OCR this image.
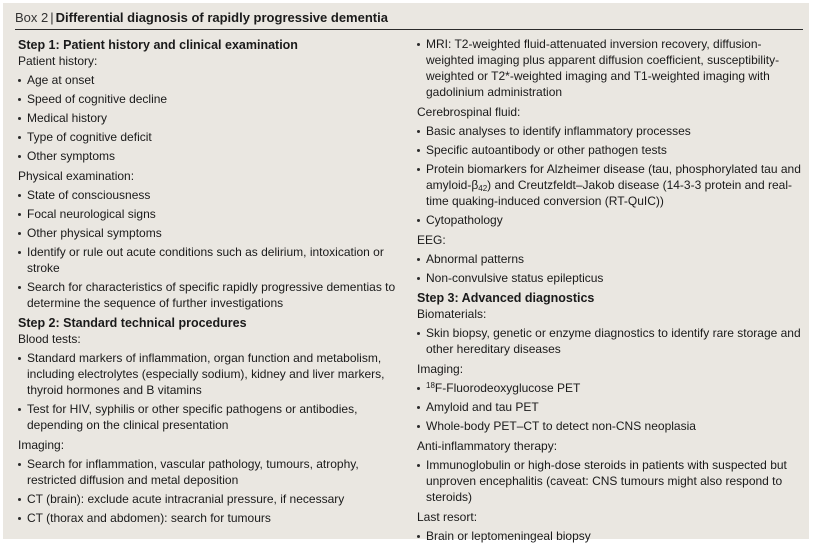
Box 2 | Differential diagnosis of rapidly progressive dementia
Step 1: Patient history and clinical examination
Patient history:
Age at onset
Speed of cognitive decline
Medical history
Type of cognitive deficit
Other symptoms
Physical examination:
State of consciousness
Focal neurological signs
Other physical symptoms
Identify or rule out acute conditions such as delirium, intoxication or stroke
Search for characteristics of specific rapidly progressive dementias to determine the sequence of further investigations
Step 2: Standard technical procedures
Blood tests:
Standard markers of inflammation, organ function and metabolism, including electrolytes (especially sodium), kidney and liver markers, thyroid hormones and B vitamins
Test for HIV, syphilis or other specific pathogens or antibodies, depending on the clinical presentation
Imaging:
Search for inflammation, vascular pathology, tumours, atrophy, restricted diffusion and metal deposition
CT (brain): exclude acute intracranial pressure, if necessary
CT (thorax and abdomen): search for tumours
MRI: T2-weighted fluid-attenuated inversion recovery, diffusion-weighted imaging plus apparent diffusion coefficient, susceptibility-weighted or T2*-weighted imaging and T1-weighted imaging with gadolinium administration
Cerebrospinal fluid:
Basic analyses to identify inflammatory processes
Specific autoantibody or other pathogen tests
Protein biomarkers for Alzheimer disease (tau, phosphorylated tau and amyloid-$\beta_{42}$) and Creutzfeldt–Jakob disease (14-3-3 protein and real-time quaking-induced conversion (RT-QuIC))
Cytopathology
EEG:
Abnormal patterns
Non-convulsive status epilepticus
Step 3: Advanced diagnostics
Biomaterials:
Skin biopsy, genetic or enzyme diagnostics to identify rare storage and other hereditary diseases
Imaging:
$^{18}$F-Fluorodeoxyglucose PET
Amyloid and tau PET
Whole-body PET–CT to detect non-CNS neoplasia
Anti-inflammatory therapy:
Immunoglobulin or high-dose steroids in patients with suspected but unproven encephalitis (caveat: CNS tumours might also respond to steroids)
Last resort:
Brain or leptomeningeal biopsy
